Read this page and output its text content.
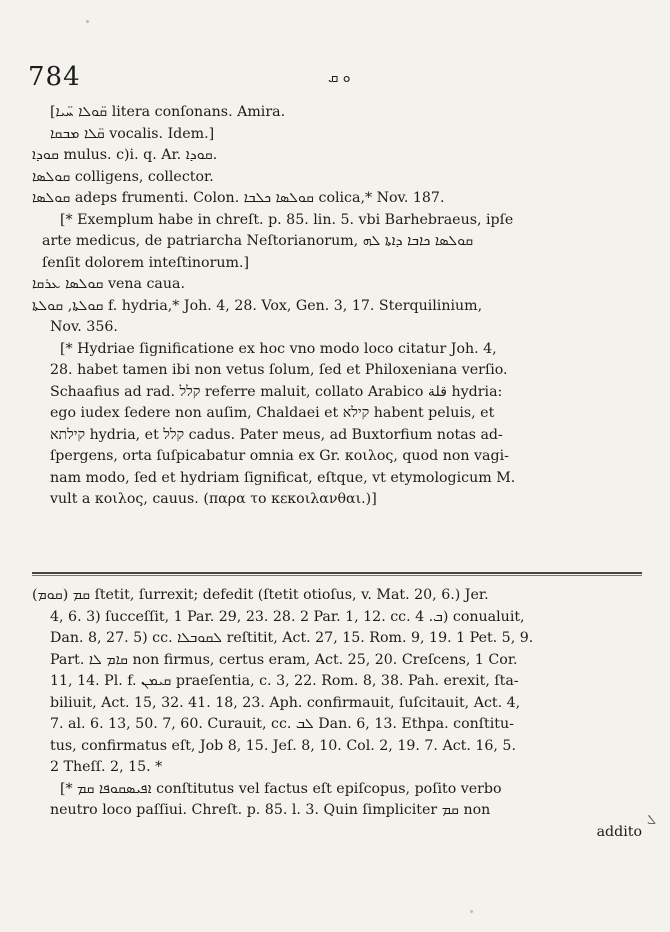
784	ܘ ܩ
[ܩ̈ܘܠܐ ܚ̈ܝܐ litera conſonans. Amira.
ܩ̈ܠܐ ܡܒܩܐ vocalis. Idem.]
ܩܘܕܐ mulus. c)i. q. Ar. ܩܘܕܐ.
ܩܘܠܣܐ colligens, collector.
ܩܘܠܣܐ adeps frumenti. Colon. ܩܘܠܣܐ ܟܠܒܐ colica,* Nov. 187.
[* Exemplum habe in chreſt. p. 85. lin. 5. vbi Barhebraeus, ipſe
arte medicus, de patriarcha Neſtorianorum, ܩܘܠܣܐ ܟܐܒܐ ܕܐܬܐ ܠܗ
ſenſit dolorem inteſtinorum.]
ܩܘܠܣܐ ܥܪܩܐ vena caua.
ܩܘܠܬܐ, ܩܘܠܬܐ f. hydria,* Joh. 4, 28. Vox, Gen. 3, 17. Sterquilinium,
Nov. 356.
[* Hydriae ſignificatione ex hoc vno modo loco citatur Joh. 4,
28. habet tamen ibi non vetus ſolum, ſed et Philoxeniana verſio.
Schaafius ad rad. קלל referre maluit, collato Arabico قلة hydria:
ego iudex ſedere non auſim, Chaldaei et קילא habent peluis, et
קילתא hydria, et קלל cadus. Pater meus, ad Buxtorfium notas ad-
ſpergens, orta ſuſpicabatur omnia ex Gr. κοιλος, quod non vagi-
nam modo, ſed et hydriam ſignificat, eſtque, vt etymologicum M.
vult a κοιλος, cauus. (παρα το κεκοιλανθαι.)]
(ܩܘܡ) ܩܡ ſtetit, ſurrexit; defedit (ſtetit otioſus, v. Mat. 20, 6.) Jer.
4, 6. 3) ſucceſſit, 1 Par. 29, 23. 28. 2 Par. 1, 12. cc. ܒ. 4) conualuit,
Dan. 8, 27. 5) cc. ܠܩܘܒܠܐ reſtitit, Act. 27, 15. Rom. 9, 19. 1 Pet. 5, 9.
Part. ܩܐܡ ܠܐ non firmus, certus eram, Act. 25, 20. Creſcens, 1 Cor.
11, 14. Pl. f. ܩܝܡܢ praeſentia, c. 3, 22. Rom. 8, 38. Pah. erexit, ſta-
biliuit, Act. 15, 32. 41. 18, 23. Aph. confirmauit, ſuſcitauit, Act. 4,
7. al. 6. 13, 50. 7, 60. Curauit, cc. ܠܒ Dan. 6, 13. Ethpa. conſtitu-
tus, confirmatus eſt, Job 8, 15. Jeſ. 8, 10. Col. 2, 19. 7. Act. 16, 5.
2 Theſſ. 2, 15. *
[* ܐܦܝܣܩܘܦܐ ܩܡ conſtitutus vel factus eſt epiſcopus, poſito verbo
neutro loco paſſiui. Chreſt. p. 85. l. 3. Quin ſimpliciter ܩܡ non
addito
ܠ
